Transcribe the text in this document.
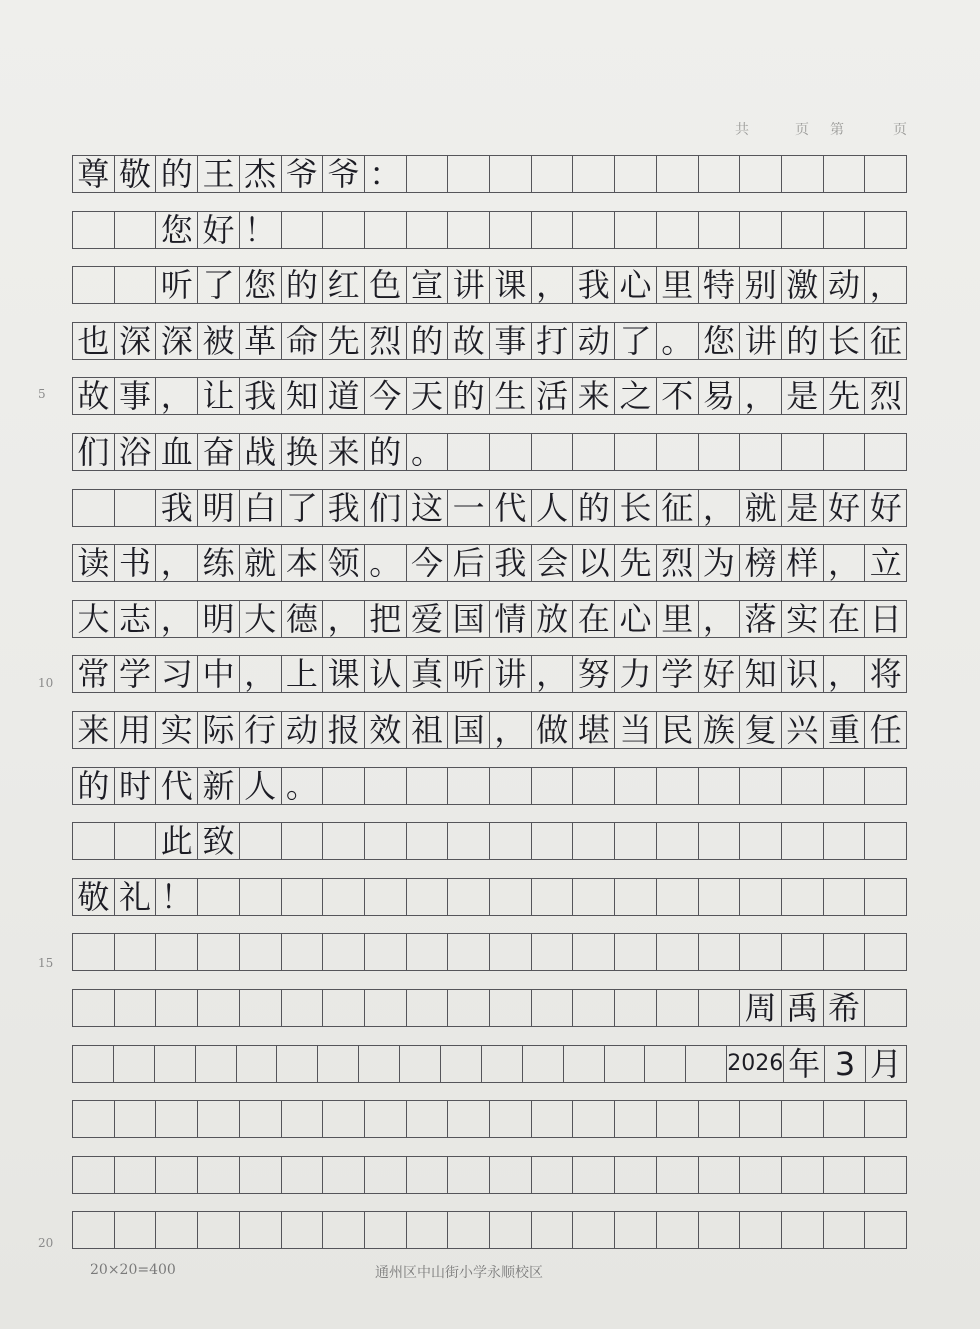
共	页 第	页
尊 敬 的 王 杰 爷 爷 ：
您 好 ！
听 了 您 的 红 色 宣 讲 课 ， 我 心 里 特 别 激 动 ，
也 深 深 被 革 命 先 烈 的 故 事 打 动 了 。 您 讲 的 长 征
故 事 ， 让 我 知 道 今 天 的 生 活 来 之 不 易 ， 是 先 烈
们 浴 血 奋 战 换 来 的 。
我 明 白 了 我 们 这 一 代 人 的 长 征 ， 就 是 好 好
读 书 ， 练 就 本 领 。 今 后 我 会 以 先 烈 为 榜 样 ， 立
大 志 ， 明 大 德 ， 把 爱 国 情 放 在 心 里 ， 落 实 在 日
常 学 习 中 ， 上 课 认 真 听 讲 ， 努 力 学 好 知 识 ， 将
来 用 实 际 行 动 报 效 祖 国 ， 做 堪 当 民 族 复 兴 重 任
的 时 代 新 人 。
此 致
敬 礼 ！
周 禹 希
2026 年 3 月
5
10
15
20
20×20=400	通州区中山街小学永顺校区
